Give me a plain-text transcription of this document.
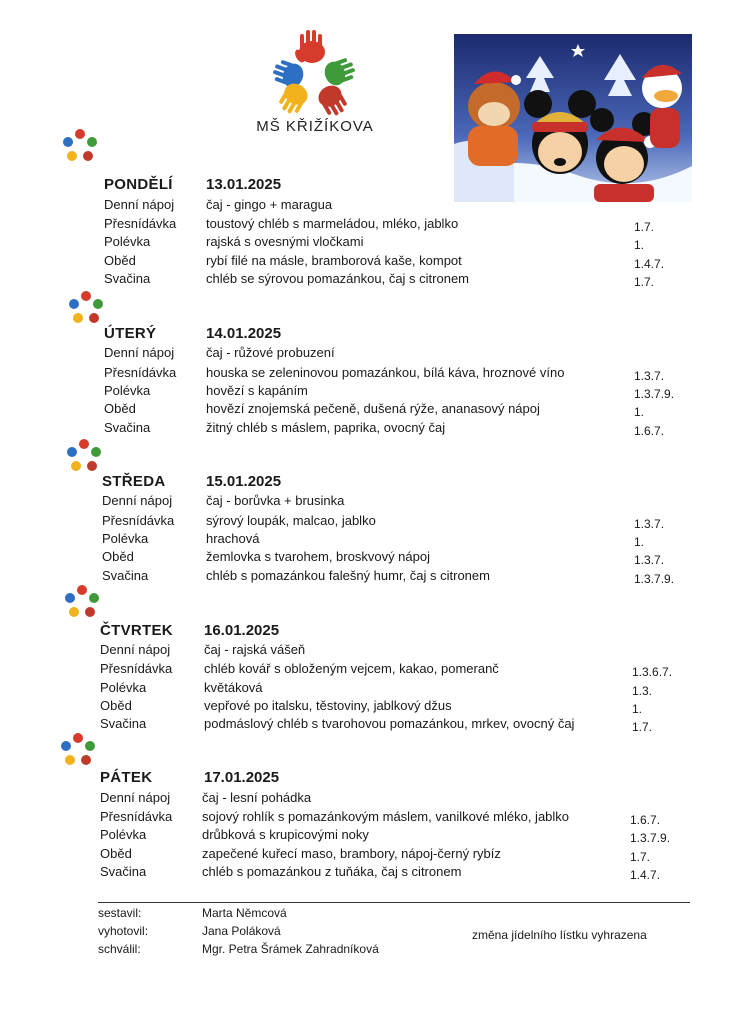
MŠ KŘIŽÍKOVA
PONDĚLÍ 13.01.2025
Denní nápoj čaj - gingo + maragua
Přesnídávka toustový chléb s marmeládou, mléko, jablko	1.7.
Polévka	rajská s ovesnými vločkami	1.
Oběd	rybí filé na másle, bramborová kaše, kompot	1.4.7.
Svačina	chléb se sýrovou pomazánkou, čaj s citronem	1.7.
ÚTERÝ	14.01.2025
Denní nápoj čaj - růžové probuzení
Přesnídávka houska se zeleninovou pomazánkou, bílá káva, hroznové víno	1.3.7.
Polévka	hovězí s kapáním	1.3.7.9.
Oběd	hovězí znojemská pečeně, dušená rýže, ananasový nápoj	1.
Svačina	žitný chléb s máslem, paprika, ovocný čaj	1.6.7.
STŘEDA	15.01.2025
Denní nápoj	čaj - borůvka + brusinka
Přesnídávka sýrový loupák, malcao, jablko	1.3.7.
Polévka	hrachová	1.
Oběd	žemlovka s tvarohem, broskvový nápoj	1.3.7.
Svačina	chléb s pomazánkou falešný humr, čaj s citronem	1.3.7.9.
ČTVRTEK 16.01.2025
Denní nápoj	čaj - rajská vášeň
Přesnídávka chléb kovář s obloženým vejcem, kakao, pomeranč	1.3.6.7.
Polévka	květáková	1.3.
Oběd	vepřové po italsku, těstoviny, jablkový džus	1.
Svačina	podmáslový chléb s tvarohovou pomazánkou, mrkev, ovocný čaj	1.7.
PÁTEK	17.01.2025
Denní nápoj čaj - lesní pohádka
Přesnídávka sojový rohlík s pomazánkovým máslem, vanilkové mléko, jablko	1.6.7.
Polévka	drůbková s krupicovými noky	1.3.7.9.
Oběd	zapečené kuřecí maso, brambory, nápoj-černý rybíz	1.7.
Svačina	chléb s pomazánkou z tuňáka, čaj s citronem	1.4.7.
sestavil:	Marta Němcová
vyhotovil:	Jana Poláková
schválil:	Mgr. Petra Šrámek Zahradníková
změna jídelního lístku vyhrazena
